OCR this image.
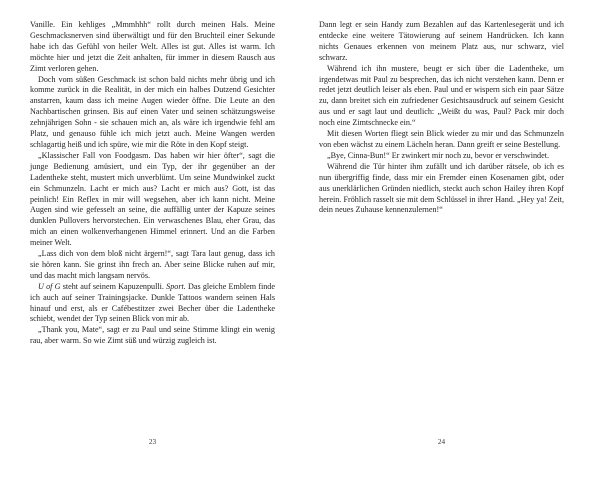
Vanille. Ein kehliges „Mmmhhh“ rollt durch meinen Hals. Meine Geschmacksnerven sind überwältigt und für den Bruchteil einer Sekunde habe ich das Gefühl von heiler Welt. Alles ist gut. Alles ist warm. Ich möchte hier und jetzt die Zeit anhalten, für immer in diesem Rausch aus Zimt verloren gehen.

Doch vom süßen Geschmack ist schon bald nichts mehr übrig und ich komme zurück in die Realität, in der mich ein halbes Dutzend Gesichter anstarren, kaum dass ich meine Augen wieder öffne. Die Leute an den Nachbartischen grinsen. Bis auf einen Vater und seinen schätzungsweise zehnjährigen Sohn - sie schauen mich an, als wäre ich irgendwie fehl am Platz, und genauso fühle ich mich jetzt auch. Meine Wangen werden schlagartig heiß und ich spüre, wie mir die Röte in den Kopf steigt.

„Klassischer Fall von Foodgasm. Das haben wir hier öfter“, sagt die junge Bedienung amüsiert, und ein Typ, der ihr gegenüber an der Ladentheke steht, mustert mich unverblümt. Um seine Mundwinkel zuckt ein Schmunzeln. Lacht er mich aus? Lacht er mich aus? Gott, ist das peinlich! Ein Reflex in mir will wegsehen, aber ich kann nicht. Meine Augen sind wie gefesselt an seine, die auffällig unter der Kapuze seines dunklen Pullovers hervorstechen. Ein verwaschenes Blau, eher Grau, das mich an einen wolkenverhangenen Himmel erinnert. Und an die Farben meiner Welt.

„Lass dich von dem bloß nicht ärgern!“, sagt Tara laut genug, dass ich sie hören kann. Sie grinst ihn frech an. Aber seine Blicke ruhen auf mir, und das macht mich langsam nervös.

U of G steht auf seinem Kapuzenpulli. Sport. Das gleiche Emblem finde ich auch auf seiner Trainingsjacke. Dunkle Tattoos wandern seinen Hals hinauf und erst, als er Cafébestitzer zwei Becher über die Ladentheke schiebt, wendet der Typ seinen Blick von mir ab.

„Thank you, Mate“, sagt er zu Paul und seine Stimme klingt ein wenig rau, aber warm. So wie Zimt süß und würzig zugleich ist.

23

Dann legt er sein Handy zum Bezahlen auf das Kartenlesegerät und ich entdecke eine weitere Tätowierung auf seinem Handrücken. Ich kann nichts Genaues erkennen von meinem Platz aus, nur schwarz, viel schwarz.

Während ich ihn mustere, beugt er sich über die Ladentheke, um irgendetwas mit Paul zu besprechen, das ich nicht verstehen kann. Denn er redet jetzt deutlich leiser als eben. Paul und er wispern sich ein paar Sätze zu, dann breitet sich ein zufriedener Gesichtsausdruck auf seinem Gesicht aus und er sagt laut und deutlich: „Weißt du was, Paul? Pack mir doch noch eine Zimtschnecke ein.“

Mit diesen Worten fliegt sein Blick wieder zu mir und das Schmunzeln von eben wächst zu einem Lächeln heran. Dann greift er seine Bestellung.

„Bye, Cinna-Bun!“ Er zwinkert mir noch zu, bevor er verschwindet.

Während die Tür hinter ihm zufällt und ich darüber rätsele, ob ich es nun übergriffig finde, dass mir ein Fremder einen Kosenamen gibt, oder aus unerklärlichen Gründen niedlich, steckt auch schon Hailey ihren Kopf herein. Fröhlich rasselt sie mit dem Schlüssel in ihrer Hand. „Hey ya! Zeit, dein neues Zuhause kennenzulernen!“

24
